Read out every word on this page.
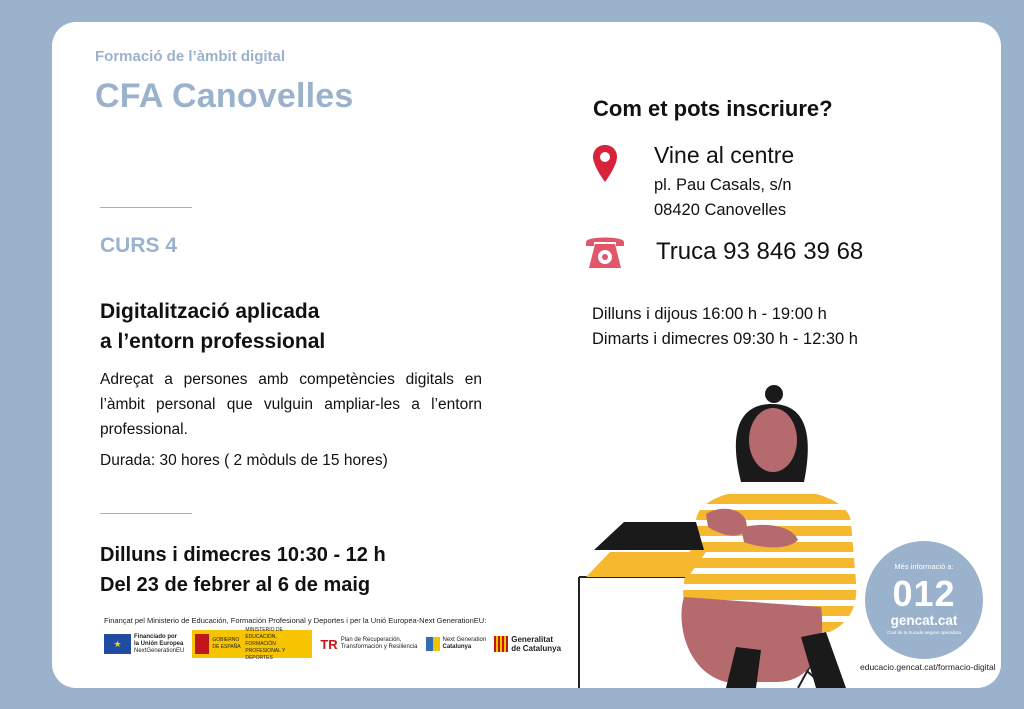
Formació de l’àmbit digital
CFA Canovelles
CURS 4
Digitalització aplicada
a l’entorn professional
Adreçat a persones amb competències digitals en l’àmbit personal que vulguin ampliar-les a l’entorn professional.
Durada: 30 hores ( 2 mòduls de 15 hores)
Dilluns i dimecres 10:30 - 12 h
Del 23 de febrer al 6 de maig
Finançat pel Ministerio de Educación, Formación Profesional y Deportes i per la Unió Europea-Next GenerationEU:
★
Financiado por
la Unión Europea
NextGenerationEU
GOBIERNO DE ESPAÑA
MINISTERIO DE EDUCACIÓN, FORMACIÓN PROFESIONAL Y DEPORTES
TR Plan de Recuperación,
Transformación y Resiliencia
Next Generation
Catalunya
Generalitat
de Catalunya
Com et pots inscriure?
Vine al centre
pl. Pau Casals, s/n
08420 Canovelles
Truca 93 846 39 68
Dilluns i dijous 16:00 h - 19:00 h
Dimarts i dimecres 09:30 h - 12:30 h
Més informació a:
012
gencat.cat
Cost de la trucada segons operadora
educacio.gencat.cat/formacio-digital
